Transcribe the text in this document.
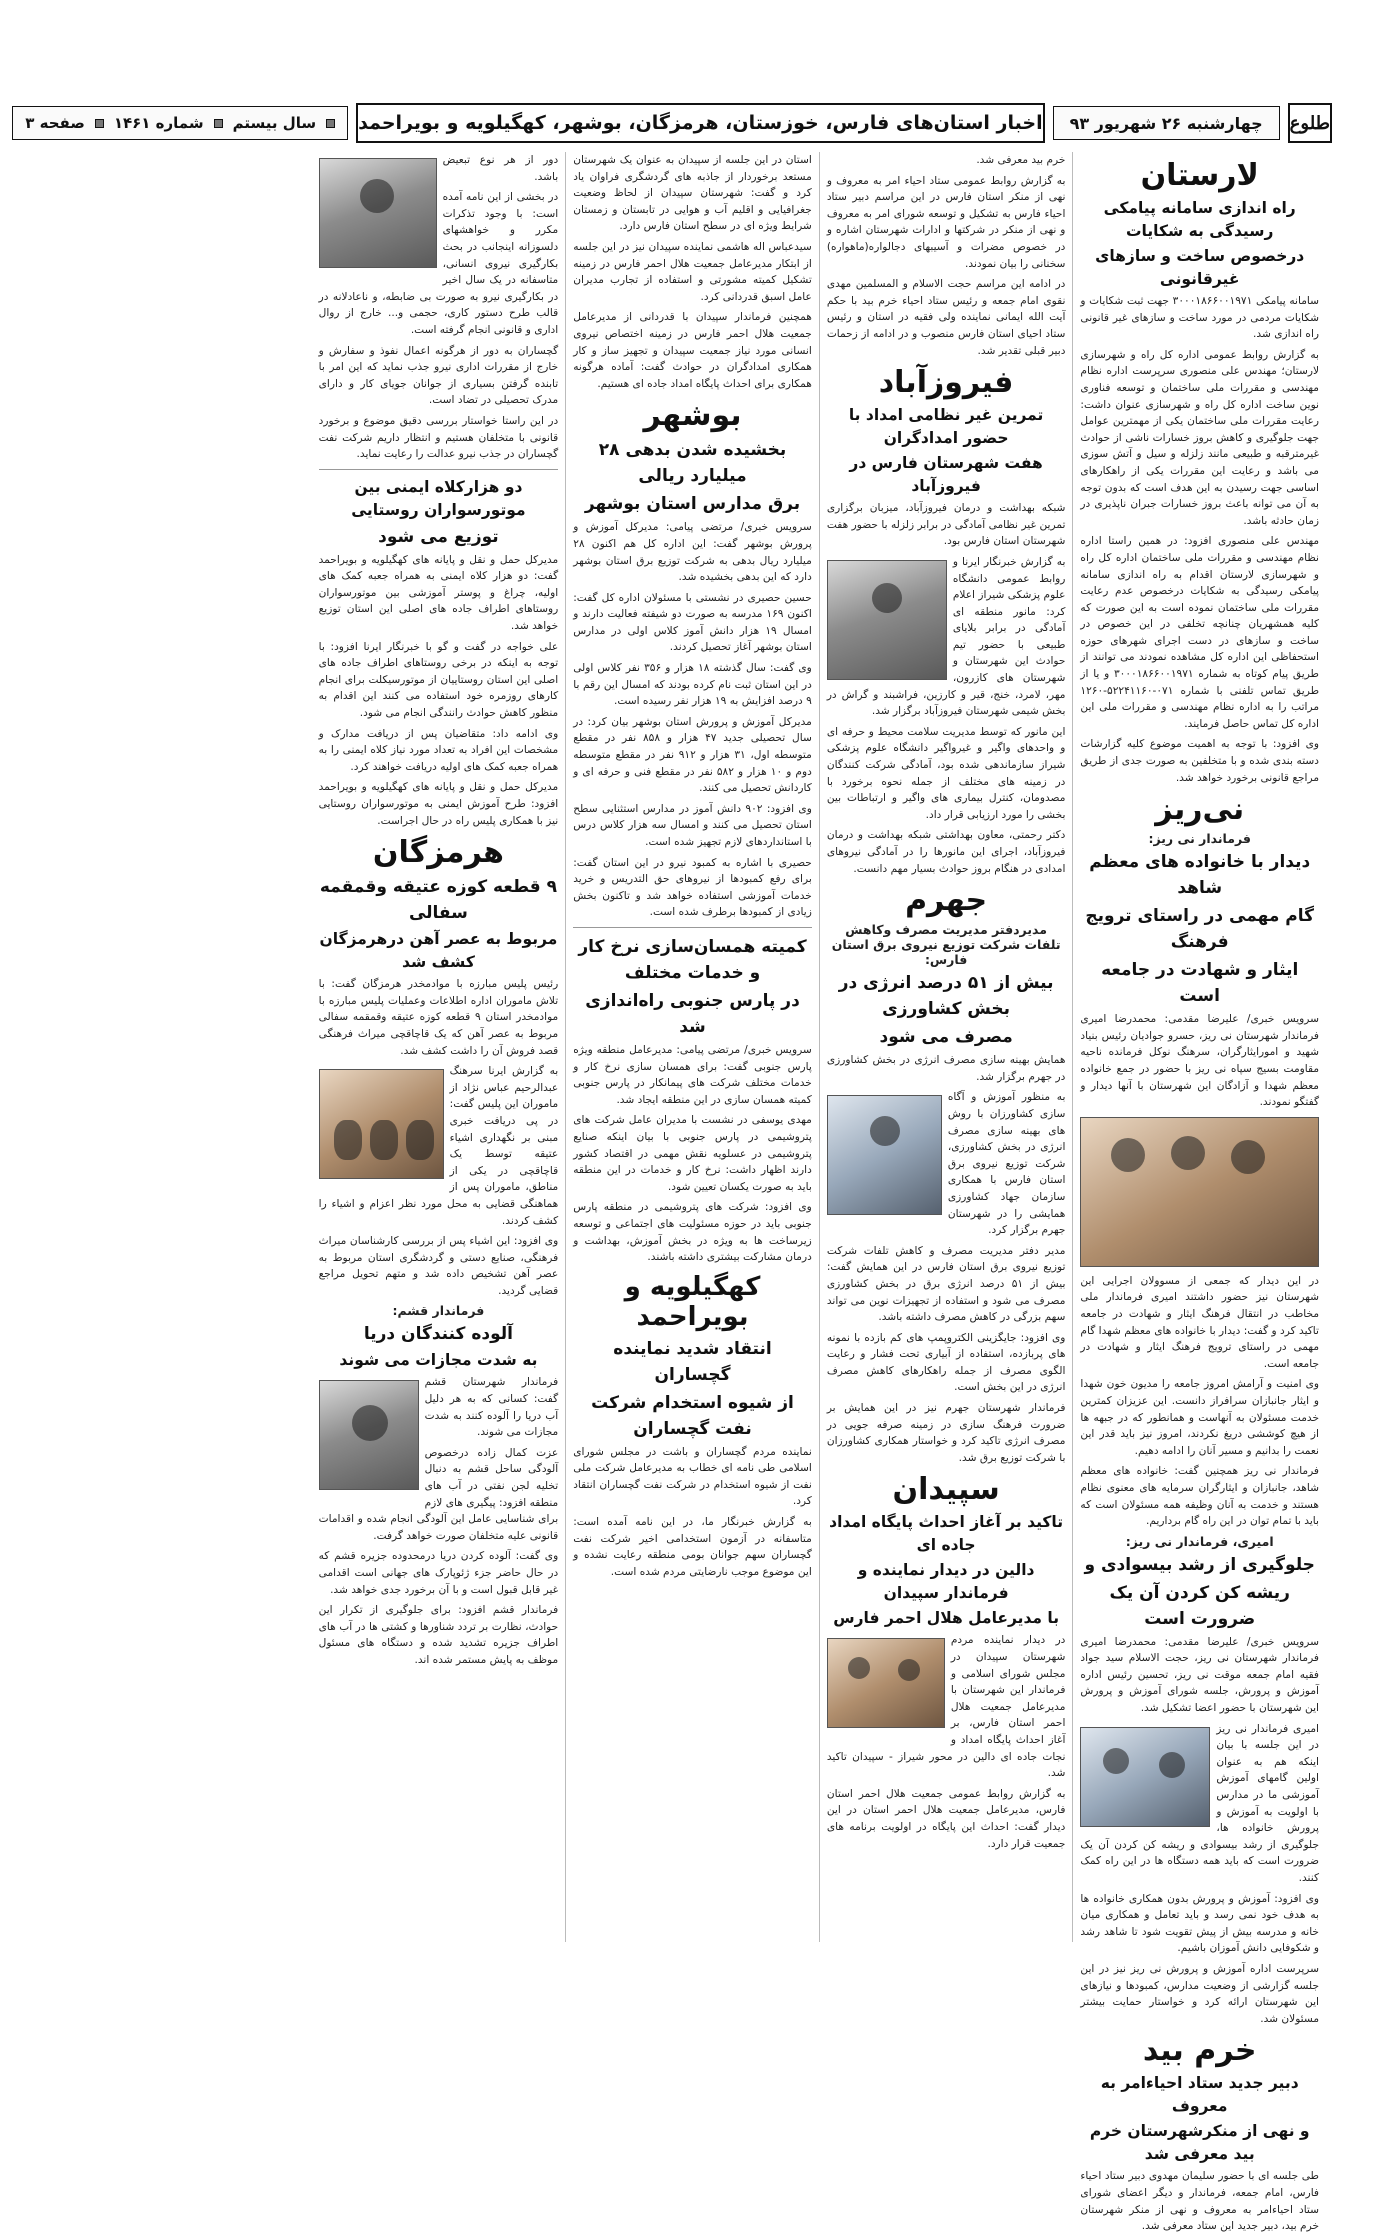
طلوع
چهارشنبه ۲۶ شهریور ۹۳
اخبار استان‌های فارس، خوزستان، هرمزگان، بوشهر، کهگیلویه و بویراحمد
سال بیستم
شماره ۱۴۶۱
صفحه ۳
لارستان
راه اندازی سامانه پیامکی رسیدگی به شکایات
درخصوص ساخت و سازهای غیرقانونی

سامانه پیامکی ۳۰۰۰۱۸۶۶۰۰۱۹۷۱ جهت ثبت شکایات و شکایات مردمی در مورد ساخت و سازهای غیر قانونی راه اندازی شد.

به گزارش روابط عمومی اداره کل راه و شهرسازی لارستان؛ مهندس علی منصوری سرپرست اداره نظام مهندسی و مقررات ملی ساختمان و توسعه فناوری نوین ساخت اداره کل راه و شهرسازی عنوان داشت: رعایت مقررات ملی ساختمان یکی از مهمترین عوامل جهت جلوگیری و کاهش بروز خسارات ناشی از حوادث غیرمترقبه و طبیعی مانند زلزله و سیل و آتش سوزی می باشد و رعایت این مقررات یکی از راهکارهای اساسی جهت رسیدن به این هدف است که بدون توجه به آن می توانه باعث بروز خسارات جبران ناپذیری در زمان حادثه باشد.

مهندس علی منصوری افزود: در همین راستا اداره نظام مهندسی و مقررات ملی ساختمان اداره کل راه و شهرسازی لارستان اقدام به راه اندازی سامانه پیامکی رسیدگی به شکایات درخصوص عدم رعایت مقررات ملی ساختمان نموده است به این صورت که کلیه همشهریان چنانچه تخلفی در این خصوص در ساخت و سازهای در دست اجرای شهرهای حوزه استحفاظی این اداره کل مشاهده نمودند می توانند از طریق پیام کوتاه به شماره ۳۰۰۰۱۸۶۶۰۰۱۹۷۱ و یا از طریق تماس تلفنی با شماره ۰۷۱-۵۲۲۴۱۱۶۰-۱۲۶۰ مراتب را به اداره نظام مهندسی و مقررات ملی این اداره کل تماس حاصل فرمایند.

وی افزود: با توجه به اهمیت موضوع کلیه گزارشات دسته بندی شده و با متخلفین به صورت جدی از طریق مراجع قانونی برخورد خواهد شد.

نی‌ریز
فرماندار نی ریز:
دیدار با خانواده های معظم شاهد
گام مهمی در راستای ترویج فرهنگ
ایثار و شهادت در جامعه است

سرویس خبری/ علیرضا مقدمی: محمدرضا امیری فرماندار شهرستان نی ریز، حسرو جوادیان رئیس بنیاد شهید و امورایثارگران، سرهنگ نوکل فرمانده ناحیه مقاومت بسیج سپاه نی ریز با حضور در جمع خانواده معظم شهدا و آزادگان این شهرستان با آنها دیدار و گفتگو نمودند.

در این دیدار که جمعی از مسوولان اجرایی این شهرستان نیز حضور داشتند امیری فرماندار ملی مخاطب در انتقال فرهنگ ایثار و شهادت در جامعه تاکید کرد و گفت: دیدار با خانواده های معظم شهدا گام مهمی در راستای ترویج فرهنگ ایثار و شهادت در جامعه است.

وی امنیت و آرامش امروز جامعه را مدیون خون شهدا و ایثار جانبازان سرافراز دانست. این عزیزان کمترین خدمت مسئولان به آنهاست و همانطور که در جبهه ها از هیچ کوششی دریغ نکردند، امروز نیز باید قدر این نعمت را بدانیم و مسیر آنان را ادامه دهیم.

فرماندار نی ریز همچنین گفت: خانواده های معظم شاهد، جانبازان و ایثارگران سرمایه های معنوی نظام هستند و خدمت به آنان وظیفه همه مسئولان است که باید با تمام توان در این راه گام برداریم.

امیری، فرماندار نی ریز:
جلوگیری از رشد بیسوادی و
ریشه کن کردن آن یک ضرورت است

سرویس خبری/ علیرضا مقدمی: محمدرضا امیری فرماندار شهرستان نی ریز، حجت الاسلام سید جواد فقیه امام جمعه موقت نی ریز، تحسین رئیس اداره آموزش و پرورش، جلسه شورای آموزش و پرورش این شهرستان با حضور اعضا تشکیل شد.

امیری فرماندار نی ریز در این جلسه با بیان اینکه هم به عنوان اولین گامهای آموزش آموزشی ما در مدارس با اولویت به آموزش و پرورش خانواده ها، جلوگیری از رشد بیسوادی و ریشه کن کردن آن یک ضرورت است که باید همه دستگاه ها در این راه کمک کنند.

وی افزود: آموزش و پرورش بدون همکاری خانواده ها به هدف خود نمی رسد و باید تعامل و همکاری میان خانه و مدرسه بیش از پیش تقویت شود تا شاهد رشد و شکوفایی دانش آموزان باشیم.

سرپرست اداره آموزش و پرورش نی ریز نیز در این جلسه گزارشی از وضعیت مدارس، کمبودها و نیازهای این شهرستان ارائه کرد و خواستار حمایت بیشتر مسئولان شد.

خرم بید
دبیر جدید ستاد احیاءامر به معروف
و نهی از منکرشهرستان خرم بید معرفی شد

طی جلسه ای با حضور سلیمان مهدوی دبیر ستاد احیاء فارس، امام جمعه، فرماندار و دیگر اعضای شورای ستاد احیاءامر به معروف و نهی از منکر شهرستان خرم بید، دبیر جدید این ستاد معرفی شد.

خرم بید معرفی شد.

به گزارش روابط عمومی ستاد احیاء امر به معروف و نهی از منکر استان فارس در این مراسم دبیر ستاد احیاء فارس به تشکیل و توسعه شورای امر به معروف و نهی از منکر در شرکتها و ادارات شهرستان اشاره و در خصوص مضرات و آسیبهای دجالواره(ماهواره) سخنانی را بیان نمودند.

در ادامه این مراسم حجت الاسلام و المسلمین مهدی نقوی امام جمعه و رئیس ستاد احیاء خرم بید با حکم آیت الله ایمانی نماینده ولی فقیه در استان و رئیس ستاد احیای استان فارس منصوب و در ادامه از زحمات دبیر قبلی تقدیر شد.

فیروزآباد
تمرین غیر نظامی امداد با حضور امدادگران
هفت شهرستان فارس در فیروزآباد

شبکه بهداشت و درمان فیروزآباد، میزبان برگزاری تمرین غیر نظامی آمادگی در برابر زلزله با حضور هفت شهرستان استان فارس بود.

به گزارش خبرنگار ایرنا و روابط عمومی دانشگاه علوم پزشکی شیراز اعلام کرد: مانور منطقه ای آمادگی در برابر بلایای طبیعی با حضور تیم حوادث این شهرستان و شهرستان های کازرون، مهر، لامرد، خنج، قیر و کارزین، فراشبند و گراش در بخش شیمی شهرستان فیروزآباد برگزار شد.

این مانور که توسط مدیریت سلامت محیط و حرفه ای و واحدهای واگیر و غیرواگیر دانشگاه علوم پزشکی شیراز سازماندهی شده بود، آمادگی شرکت کنندگان در زمینه های مختلف از جمله نحوه برخورد با مصدومان، کنترل بیماری های واگیر و ارتباطات بین بخشی را مورد ارزیابی قرار داد.

دکتر رحمتی، معاون بهداشتی شبکه بهداشت و درمان فیروزآباد، اجرای این مانورها را در آمادگی نیروهای امدادی در هنگام بروز حوادث بسیار مهم دانست.

جهرم
مدیردفتر مدیریت مصرف وکاهش تلفات شرکت توزیع نیروی برق استان فارس:
بیش از ۵۱ درصد انرژی در بخش کشاورزی
مصرف می شود

همایش بهینه سازی مصرف انرژی در بخش کشاورزی در جهرم برگزار شد.

به منظور آموزش و آگاه سازی کشاورزان با روش های بهینه سازی مصرف انرژی در بخش کشاورزی، شرکت توزیع نیروی برق استان فارس با همکاری سازمان جهاد کشاورزی همایشی را در شهرستان جهرم برگزار کرد.

مدیر دفتر مدیریت مصرف و کاهش تلفات شرکت توزیع نیروی برق استان فارس در این همایش گفت: بیش از ۵۱ درصد انرژی برق در بخش کشاورزی مصرف می شود و استفاده از تجهیزات نوین می تواند سهم بزرگی در کاهش مصرف داشته باشد.

وی افزود: جایگزینی الکتروپمپ های کم بازده با نمونه های پربازده، استفاده از آبیاری تحت فشار و رعایت الگوی مصرف از جمله راهکارهای کاهش مصرف انرژی در این بخش است.

فرماندار شهرستان جهرم نیز در این همایش بر ضرورت فرهنگ سازی در زمینه صرفه جویی در مصرف انرژی تاکید کرد و خواستار همکاری کشاورزان با شرکت توزیع برق شد.

سپیدان
تاکید بر آغاز احداث پایگاه امداد جاده ای
دالین در دیدار نماینده و فرماندار سپیدان
با مدیرعامل هلال احمر فارس

در دیدار نماینده مردم شهرستان سپیدان در مجلس شورای اسلامی و فرماندار این شهرستان با مدیرعامل جمعیت هلال احمر استان فارس، بر آغاز احداث پایگاه امداد و نجات جاده ای دالین در محور شیراز - سپیدان تاکید شد.

به گزارش روابط عمومی جمعیت هلال احمر استان فارس، مدیرعامل جمعیت هلال احمر استان در این دیدار گفت: احداث این پایگاه در اولویت برنامه های جمعیت قرار دارد.

استان در این جلسه از سپیدان به عنوان یک شهرستان مستعد برخوردار از جاذبه های گردشگری فراوان یاد کرد و گفت: شهرستان سپیدان از لحاظ وضعیت جغرافیایی و اقلیم آب و هوایی در تابستان و زمستان شرایط ویژه ای در سطح استان فارس دارد.

سیدعباس اله هاشمی نماینده سپیدان نیز در این جلسه از ابتکار مدیرعامل جمعیت هلال احمر فارس در زمینه تشکیل کمیته مشورتی و استفاده از تجارب مدیران عامل اسبق قدردانی کرد.

همچنین فرماندار سپیدان با قدردانی از مدیرعامل جمعیت هلال احمر فارس در زمینه اختصاص نیروی انسانی مورد نیاز جمعیت سپیدان و تجهیز ساز و کار همکاری امدادگران در حوادث گفت: آماده هرگونه همکاری برای احداث پایگاه امداد جاده ای هستیم.

بوشهر
بخشیده شدن بدهی ۲۸ میلیارد ریالی
برق مدارس استان بوشهر

سرویس خبری/ مرتضی پیامی: مدیرکل آموزش و پرورش بوشهر گفت: این اداره کل هم اکنون ۲۸ میلیارد ریال بدهی به شرکت توزیع برق استان بوشهر دارد که این بدهی بخشیده شد.

حسین حصیری در نشستی با مسئولان اداره کل گفت: اکنون ۱۶۹ مدرسه به صورت دو شیفته فعالیت دارند و امسال ۱۹ هزار دانش آموز کلاس اولی در مدارس استان بوشهر آغاز تحصیل کردند.

وی گفت: سال گذشته ۱۸ هزار و ۳۵۶ نفر کلاس اولی در این استان ثبت نام کرده بودند که امسال این رقم با ۹ درصد افزایش به ۱۹ هزار نفر رسیده است.

مدیرکل آموزش و پرورش استان بوشهر بیان کرد: در سال تحصیلی جدید ۴۷ هزار و ۸۵۸ نفر در مقطع متوسطه اول، ۳۱ هزار و ۹۱۲ نفر در مقطع متوسطه دوم و ۱۰ هزار و ۵۸۲ نفر در مقطع فنی و حرفه ای و کاردانش تحصیل می کنند.

وی افزود: ۹۰۲ دانش آموز در مدارس استثنایی سطح استان تحصیل می کنند و امسال سه هزار کلاس درس با استانداردهای لازم تجهیز شده است.

حصیری با اشاره به کمبود نیرو در این استان گفت: برای رفع کمبودها از نیروهای حق التدریس و خرید خدمات آموزشی استفاده خواهد شد و تاکنون بخش زیادی از کمبودها برطرف شده است.

کمیته همسان‌سازی نرخ کار و خدمات مختلف
در پارس جنوبی راه‌اندازی شد

سرویس خبری/ مرتضی پیامی: مدیرعامل منطقه ویژه پارس جنوبی گفت: برای همسان سازی نرخ کار و خدمات مختلف شرکت های پیمانکار در پارس جنوبی کمیته همسان سازی در این منطقه ایجاد شد.

مهدی یوسفی در نشست با مدیران عامل شرکت های پتروشیمی در پارس جنوبی با بیان اینکه صنایع پتروشیمی در عسلویه نقش مهمی در اقتصاد کشور دارند اظهار داشت: نرخ کار و خدمات در این منطقه باید به صورت یکسان تعیین شود.

وی افزود: شرکت های پتروشیمی در منطقه پارس جنوبی باید در حوزه مسئولیت های اجتماعی و توسعه زیرساخت ها به ویژه در بخش آموزش، بهداشت و درمان مشارکت بیشتری داشته باشند.

کهگیلویه و بویراحمد
انتقاد شدید نماینده گچساران
از شیوه استخدام شرکت نفت گچساران

نماینده مردم گچساران و باشت در مجلس شورای اسلامی طی نامه ای خطاب به مدیرعامل شرکت ملی نفت از شیوه استخدام در شرکت نفت گچساران انتقاد کرد.

به گزارش خبرنگار ما، در این نامه آمده است: متاسفانه در آزمون استخدامی اخیر شرکت نفت گچساران سهم جوانان بومی منطقه رعایت نشده و این موضوع موجب نارضایتی مردم شده است.

دور از هر نوع تبعیض باشد.

در بخشی از این نامه آمده است: با وجود تذکرات مکرر و خواهشهای دلسوزانه اینجانب در بحث بکارگیری نیروی انسانی، متاسفانه در یک سال اخیر در بکارگیری نیرو به صورت بی ضابطه، و ناعادلانه در قالب طرح دستور کاری، حجمی و... خارج از روال اداری و قانونی انجام گرفته است.

گچساران به دور از هرگونه اعمال نفوذ و سفارش و خارج از مقررات اداری نیرو جذب نماید که این امر با تابنده گرفتن بسیاری از جوانان جویای کار و دارای مدرک تحصیلی در تضاد است.

در این راستا خواستار بررسی دقیق موضوع و برخورد قانونی با متخلفان هستیم و انتظار داریم شرکت نفت گچساران در جذب نیرو عدالت را رعایت نماید.

دو هزارکلاه ایمنی بین موتورسواران روستایی
توزیع می شود

مدیرکل حمل و نقل و پایانه های کهگیلویه و بویراحمد گفت: دو هزار کلاه ایمنی به همراه جعبه کمک های اولیه، چراغ و پوستر آموزشی بین موتورسواران روستاهای اطراف جاده های اصلی این استان توزیع خواهد شد.

علی خواجه در گفت و گو با خبرنگار ایرنا افزود: با توجه به اینکه در برخی روستاهای اطراف جاده های اصلی این استان روستاییان از موتورسیکلت برای انجام کارهای روزمره خود استفاده می کنند این اقدام به منظور کاهش حوادث رانندگی انجام می شود.

وی ادامه داد: متقاضیان پس از دریافت مدارک و مشخصات این افراد به تعداد مورد نیاز کلاه ایمنی را به همراه جعبه کمک های اولیه دریافت خواهند کرد.

مدیرکل حمل و نقل و پایانه های کهگیلویه و بویراحمد افزود: طرح آموزش ایمنی به موتورسواران روستایی نیز با همکاری پلیس راه در حال اجراست.

هرمزگان
۹ قطعه کوزه عتیقه وقمقمه سفالی
مربوط به عصر آهن درهرمزگان کشف شد

رئیس پلیس مبارزه با موادمخدر هرمزگان گفت: با تلاش ماموران اداره اطلاعات وعملیات پلیس مبارزه با موادمخدر استان ۹ قطعه کوزه عتیقه وقمقمه سفالی مربوط به عصر آهن که یک قاچاقچی میراث فرهنگی قصد فروش آن را داشت کشف شد.

به گزارش ایرنا سرهنگ عبدالرحیم عباس نژاد از ماموران این پلیس گفت: در پی دریافت خبری مبنی بر نگهداری اشیاء عتیقه توسط یک قاچاقچی در یکی از مناطق، ماموران پس از هماهنگی قضایی به محل مورد نظر اعزام و اشیاء را کشف کردند.

وی افزود: این اشیاء پس از بررسی کارشناسان میراث فرهنگی، صنایع دستی و گردشگری استان مربوط به عصر آهن تشخیص داده شد و متهم تحویل مراجع قضایی گردید.

فرماندار قشم:
آلوده کنندگان دریا
به شدت مجازات می شوند

فرماندار شهرستان قشم گفت: کسانی که به هر دلیل آب دریا را آلوده کنند به شدت مجازات می شوند.

عزت کمال زاده درخصوص آلودگی ساحل قشم به دنبال تخلیه لجن نفتی در آب های منطقه افزود: پیگیری های لازم برای شناسایی عامل این آلودگی انجام شده و اقدامات قانونی علیه متخلفان صورت خواهد گرفت.

وی گفت: آلوده کردن دریا درمحدوده جزیره قشم که در حال حاضر جزء ژئوپارک های جهانی است اقدامی غیر قابل قبول است و با آن برخورد جدی خواهد شد.

فرماندار قشم افزود: برای جلوگیری از تکرار این حوادث، نظارت بر تردد شناورها و کشتی ها در آب های اطراف جزیره تشدید شده و دستگاه های مسئول موظف به پایش مستمر شده اند.
